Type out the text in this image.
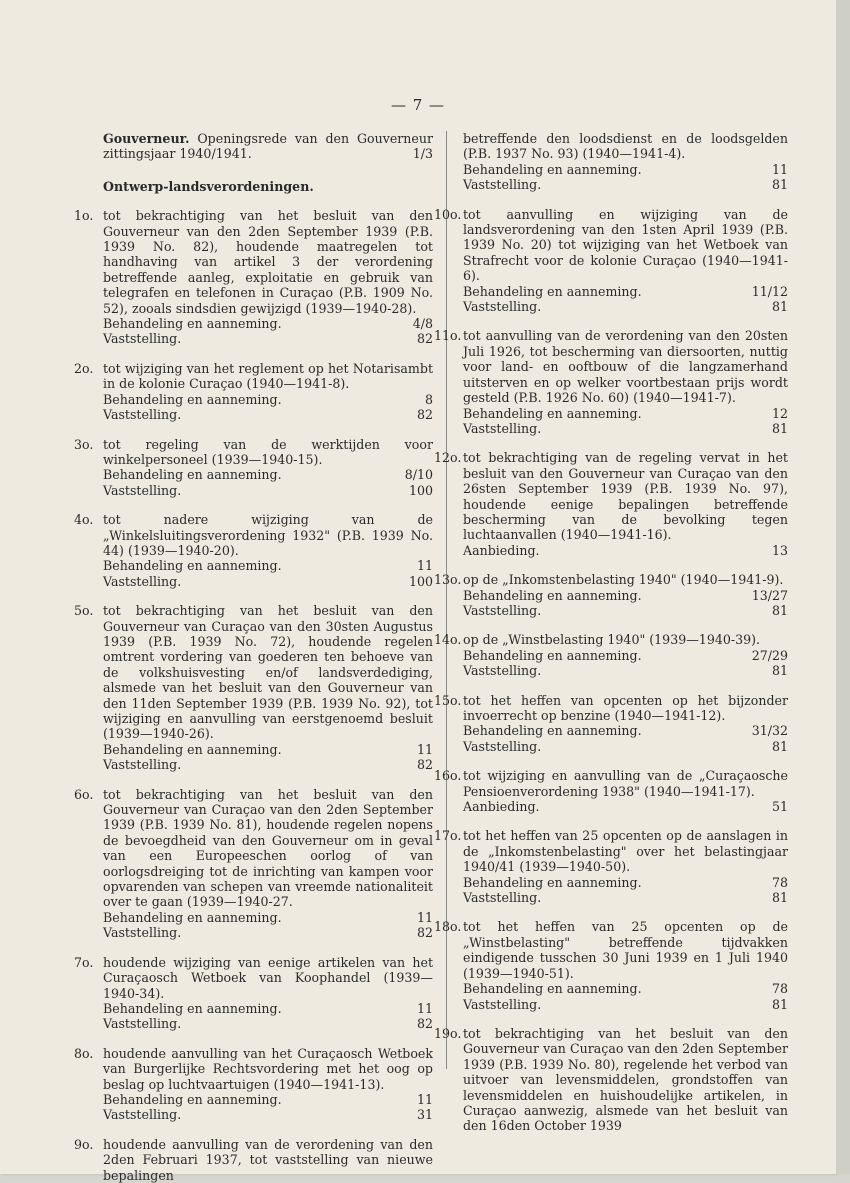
— 7 —
Gouverneur. Openingsrede van den Gouverneur zittingsjaar 1940/1941.	1/3
Ontwerp-landsverordeningen.
1o. tot bekrachtiging van het besluit van den Gouverneur van den 2den September 1939 (P.B. 1939 No. 82), houdende maatregelen tot handhaving van artikel 3 der verordening betreffende aanleg, exploitatie en gebruik van telegrafen en telefonen in Curaçao (P.B. 1909 No. 52), zooals sindsdien gewijzigd (1939—1940-28).
Behandeling en aanneming.	4/8
Vaststelling.	82
2o. tot wijziging van het reglement op het Notarisambt in de kolonie Curaçao (1940—1941-8).
Behandeling en aanneming.	8
Vaststelling.	82
3o. tot regeling van de werktijden voor winkelpersoneel (1939—1940-15).
Behandeling en aanneming.	8/10
Vaststelling.	100
4o. tot nadere wijziging van de „Winkelsluitingsverordening 1932" (P.B. 1939 No. 44) (1939—1940-20).
Behandeling en aanneming.	11
Vaststelling.	100
5o. tot bekrachtiging van het besluit van den Gouverneur van Curaçao van den 30sten Augustus 1939 (P.B. 1939 No. 72), houdende regelen omtrent vordering van goederen ten behoeve van de volkshuisvesting en/of landsverdediging, alsmede van het besluit van den Gouverneur van den 11den September 1939 (P.B. 1939 No. 92), tot wijziging en aanvulling van eerstgenoemd besluit (1939—1940-26).
Behandeling en aanneming.	11
Vaststelling.	82
6o. tot bekrachtiging van het besluit van den Gouverneur van Curaçao van den 2den September 1939 (P.B. 1939 No. 81), houdende regelen nopens de bevoegdheid van den Gouverneur om in geval van een Europeeschen oorlog of van oorlogsdreiging tot de inrichting van kampen voor opvarenden van schepen van vreemde nationaliteit over te gaan (1939—1940-27.
Behandeling en aanneming.	11
Vaststelling.	82
7o. houdende wijziging van eenige artikelen van het Curaçaosch Wetboek van Koophandel (1939—1940-34).
Behandeling en aanneming.	11
Vaststelling.	82
8o. houdende aanvulling van het Curaçaosch Wetboek van Burgerlijke Rechtsvordering met het oog op beslag op luchtvaartuigen (1940—1941-13).
Behandeling en aanneming.	11
Vaststelling.	31
9o. houdende aanvulling van de verordening van den 2den Februari 1937, tot vaststelling van nieuwe bepalingen
betreffende den loodsdienst en de loodsgelden (P.B. 1937 No. 93) (1940—1941-4).
Behandeling en aanneming.	11
Vaststelling.	81
10o. tot aanvulling en wijziging van de landsverordening van den 1sten April 1939 (P.B. 1939 No. 20) tot wijziging van het Wetboek van Strafrecht voor de kolonie Curaçao (1940—1941-6).
Behandeling en aanneming.	11/12
Vaststelling.	81
11o. tot aanvulling van de verordening van den 20sten Juli 1926, tot bescherming van diersoorten, nuttig voor land- en ooftbouw of die langzamerhand uitsterven en op welker voortbestaan prijs wordt gesteld (P.B. 1926 No. 60) (1940—1941-7).
Behandeling en aanneming.	12
Vaststelling.	81
12o. tot bekrachtiging van de regeling vervat in het besluit van den Gouverneur van Curaçao van den 26sten September 1939 (P.B. 1939 No. 97), houdende eenige bepalingen betreffende bescherming van de bevolking tegen luchtaanvallen (1940—1941-16).
Aanbieding.	13
13o. op de „Inkomstenbelasting 1940" (1940—1941-9).
Behandeling en aanneming.	13/27
Vaststelling.	81
14o. op de „Winstbelasting 1940" (1939—1940-39).
Behandeling en aanneming.	27/29
Vaststelling.	81
15o. tot het heffen van opcenten op het bijzonder invoerrecht op benzine (1940—1941-12).
Behandeling en aanneming.	31/32
Vaststelling.	81
16o. tot wijziging en aanvulling van de „Curaçaosche Pensioenverordening 1938" (1940—1941-17).
Aanbieding.	51
17o. tot het heffen van 25 opcenten op de aanslagen in de „Inkomstenbelasting" over het belastingjaar 1940/41 (1939—1940-50).
Behandeling en aanneming.	78
Vaststelling.	81
18o. tot het heffen van 25 opcenten op de „Winstbelasting" betreffende tijdvakken eindigende tusschen 30 Juni 1939 en 1 Juli 1940 (1939—1940-51).
Behandeling en aanneming.	78
Vaststelling.	81
19o. tot bekrachtiging van het besluit van den Gouverneur van Curaçao van den 2den September 1939 (P.B. 1939 No. 80), regelende het verbod van uitvoer van levensmiddelen, grondstoffen van levensmiddelen en huishoudelijke artikelen, in Curaçao aanwezig, alsmede van het besluit van den 16den October 1939
